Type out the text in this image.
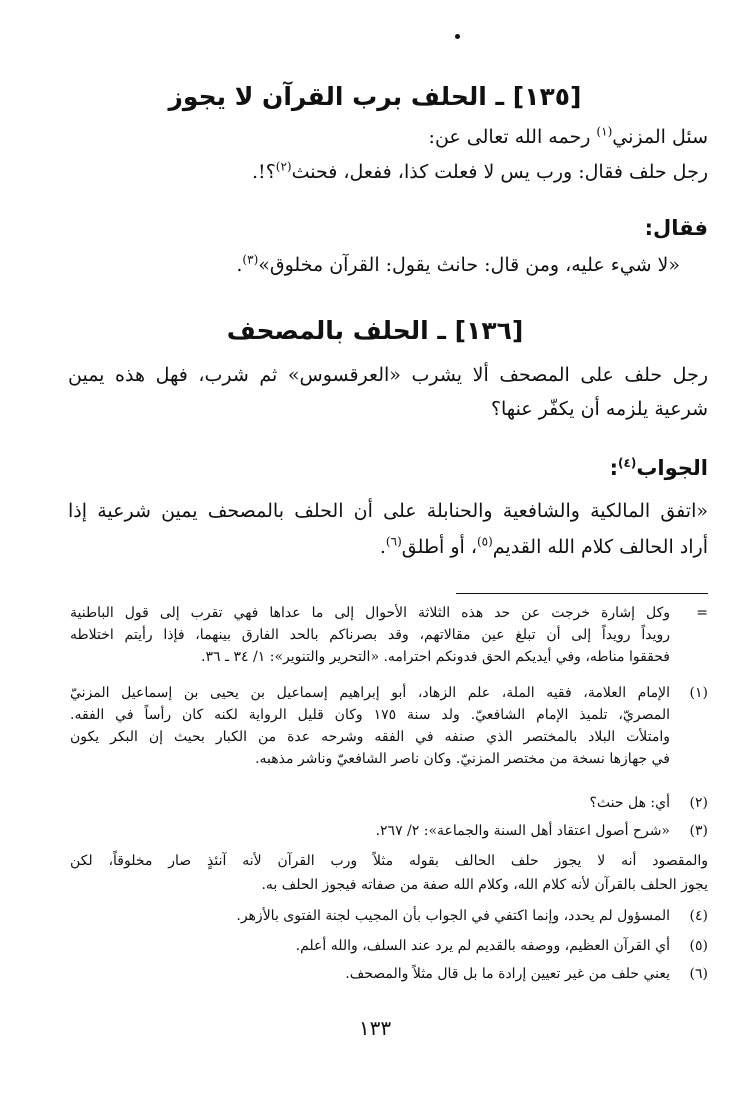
[١٣٥] ـ الحلف برب القرآن لا يجوز
سئل المزني$^{(١)}$ رحمه الله تعالى عن:
رجل حلف فقال: ورب يس لا فعلت كذا، ففعل، فحنث$^{(٢)}$؟!.
فقال:
«لا شيء عليه، ومن قال: حانث يقول: القرآن مخلوق»$^{(٣)}$.
[١٣٦] ـ الحلف بالمصحف
رجل حلف على المصحف ألا يشرب «العرقسوس» ثم شرب، فهل هذه يمين
شرعية يلزمه أن يكفّر عنها؟
الجواب$^{(٤)}$:
«اتفق المالكية والشافعية والحنابلة على أن الحلف بالمصحف يمين شرعية إذا
أراد الحالف كلام الله القديم$^{(٥)}$، أو أطلق$^{(٦)}$.
=
وكل إشارة خرجت عن حد هذه الثلاثة الأحوال إلى ما عداها فهي تقرب إلى قول الباطنية
رويداً رويداً إلى أن تبلغ عين مقالاتهم، وقد بصرناكم بالحد الفارق بينهما، فإذا رأيتم اختلاطه
فحققوا مناطه، وفي أيديكم الحق فدونكم احترامه. «التحرير والتنوير»: ١/ ٣٤ ـ ٣٦.
(١)
الإمام العلامة، فقيه الملة، علم الزهاد، أبو إبراهيم إسماعيل بن يحيى بن إسماعيل المزنيّ
المصريّ، تلميذ الإمام الشافعيّ. ولد سنة ١٧٥ وكان قليل الرواية لكنه كان رأساً في الفقه.
وامتلأت البلاد بالمختصر الذي صنفه في الفقه وشرحه عدة من الكبار بحيث إن البكر يكون
في جهازها نسخة من مختصر المزنيّ. وكان ناصر الشافعيّ وناشر مذهبه.
(٢)
أي: هل حنث؟
(٣)
«شرح أصول اعتقاد أهل السنة والجماعة»: ٢/ ٢٦٧.
والمقصود أنه لا يجوز حلف الحالف بقوله مثلاً ورب القرآن لأنه آنئذٍ صار مخلوقاً، لكن
يجوز الحلف بالقرآن لأنه كلام الله، وكلام الله صفة من صفاته فيجوز الحلف به.
(٤)
المسؤول لم يحدد، وإنما اكتفي في الجواب بأن المجيب لجنة الفتوى بالأزهر.
(٥)
أي القرآن العظيم، ووصفه بالقديم لم يرد عند السلف، والله أعلم.
(٦)
يعني حلف من غير تعيين إرادة ما بل قال مثلاً والمصحف.
١٣٣
